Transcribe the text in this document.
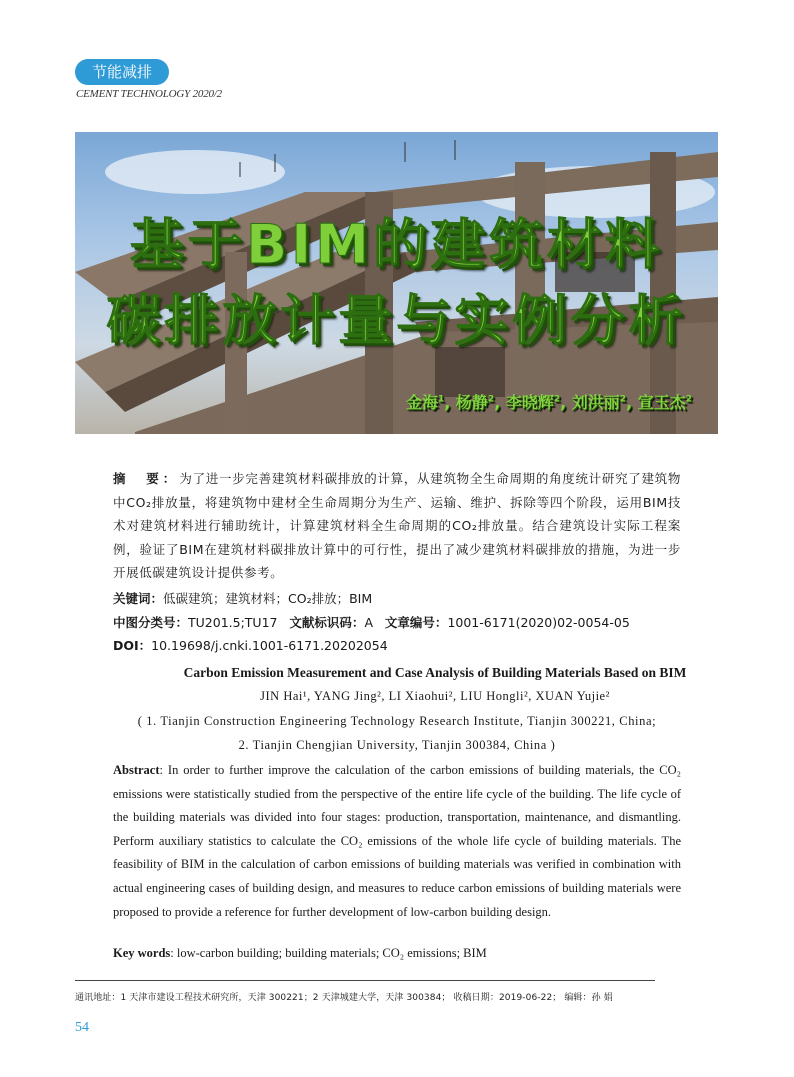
节能减排
CEMENT TECHNOLOGY 2020/2
基于BIM的建筑材料
碳排放计量与实例分析
金海$^1$, 杨静$^2$, 李晓辉$^2$, 刘洪丽$^2$, 宣玉杰$^2$
摘　要：为了进一步完善建筑材料碳排放的计算，从建筑物全生命周期的角度统计研究了建筑物中CO₂排放量，将建筑物中建材全生命周期分为生产、运输、维护、拆除等四个阶段，运用BIM技术对建筑材料进行辅助统计，计算建筑材料全生命周期的CO₂排放量。结合建筑设计实际工程案例，验证了BIM在建筑材料碳排放计算中的可行性，提出了减少建筑材料碳排放的措施，为进一步开展低碳建筑设计提供参考。
关键词：低碳建筑；建筑材料；CO₂排放；BIM
中图分类号：TU201.5;TU17 文献标识码：A 文章编号：1001-6171(2020)02-0054-05
DOI：10.19698/j.cnki.1001-6171.20202054
Carbon Emission Measurement and Case Analysis of Building Materials Based on BIM
JIN Hai¹, YANG Jing², LI Xiaohui², LIU Hongli², XUAN Yujie²
( 1. Tianjin Construction Engineering Technology Research Institute, Tianjin 300221, China;
2. Tianjin Chengjian University, Tianjin 300384, China )
Abstract: In order to further improve the calculation of the carbon emissions of building materials, the CO₂ emissions were statistically studied from the perspective of the entire life cycle of the building. The life cycle of the building materials was divided into four stages: production, transportation, maintenance, and dismantling. Perform auxiliary statistics to calculate the CO₂ emissions of the whole life cycle of building materials. The feasibility of BIM in the calculation of carbon emissions of building materials was verified in combination with actual engineering cases of building design, and measures to reduce carbon emissions of building materials were proposed to provide a reference for further development of low-carbon building design.
Key words: low-carbon building; building materials; CO₂ emissions; BIM
通讯地址：1 天津市建设工程技术研究所，天津 300221；2 天津城建大学，天津 300384； 收稿日期：2019-06-22； 编辑：孙 娟
54
